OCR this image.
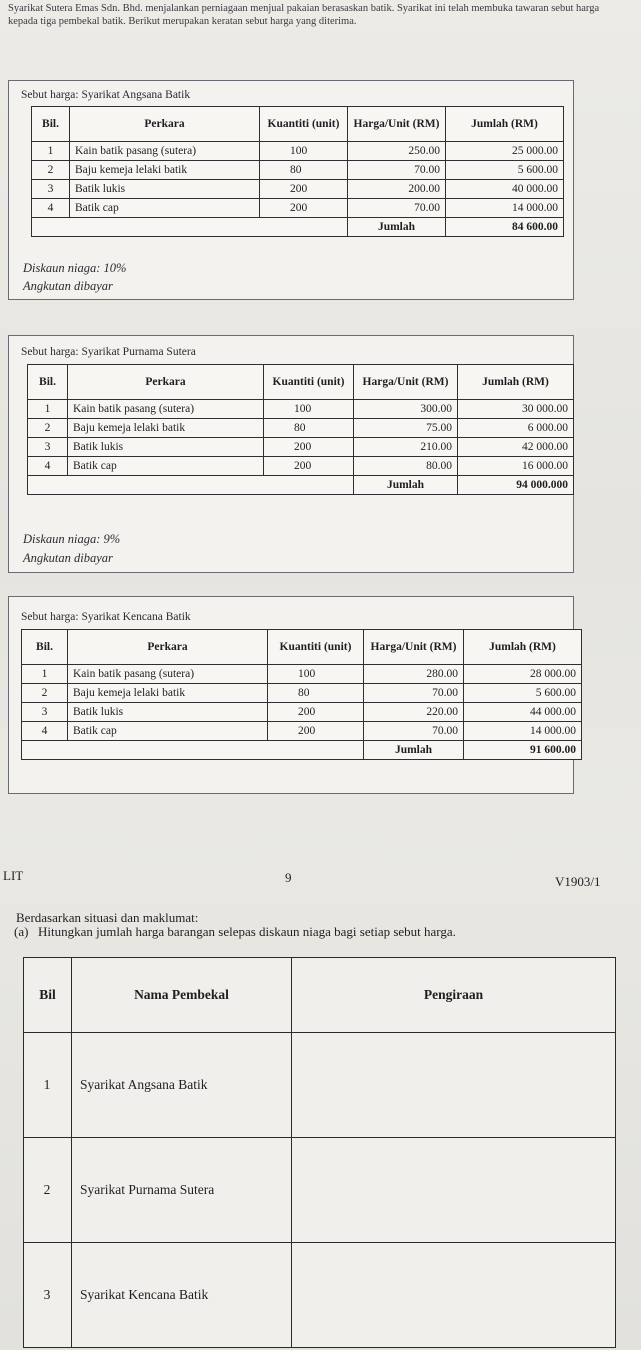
Syarikat Sutera Emas Sdn. Bhd. menjalankan perniagaan menjual pakaian berasaskan batik. Syarikat ini telah membuka tawaran sebut harga kepada tiga pembekal batik. Berikut merupakan keratan sebut harga yang diterima.
Sebut harga: Syarikat Angsana Batik
Bil.	Perkara	Kuantiti (unit)	Harga/Unit (RM)	Jumlah (RM)
1	Kain batik pasang (sutera)	100	250.00	25 000.00
2	Baju kemeja lelaki batik	80	70.00	5 600.00
3	Batik lukis	200	200.00	40 000.00
4	Batik cap	200	70.00	14 000.00
			Jumlah	84 600.00
Diskaun niaga: 10%
Angkutan dibayar
Sebut harga: Syarikat Purnama Sutera
Bil.	Perkara	Kuantiti (unit)	Harga/Unit (RM)	Jumlah (RM)
1	Kain batik pasang (sutera)	100	300.00	30 000.00
2	Baju kemeja lelaki batik	80	75.00	6 000.00
3	Batik lukis	200	210.00	42 000.00
4	Batik cap	200	80.00	16 000.00
			Jumlah	94 000.000
Diskaun niaga: 9%
Angkutan dibayar
Sebut harga: Syarikat Kencana Batik
Bil.	Perkara	Kuantiti (unit)	Harga/Unit (RM)	Jumlah (RM)
1	Kain batik pasang (sutera)	100	280.00	28 000.00
2	Baju kemeja lelaki batik	80	70.00	5 600.00
3	Batik lukis	200	220.00	44 000.00
4	Batik cap	200	70.00	14 000.00
			Jumlah	91 600.00
LIT	9	V1903/1
Berdasarkan situasi dan maklumat:
(a) Hitungkan jumlah harga barangan selepas diskaun niaga bagi setiap sebut harga.
Bil	Nama Pembekal	Pengiraan
1	Syarikat Angsana Batik	
2	Syarikat Purnama Sutera	
3	Syarikat Kencana Batik	
